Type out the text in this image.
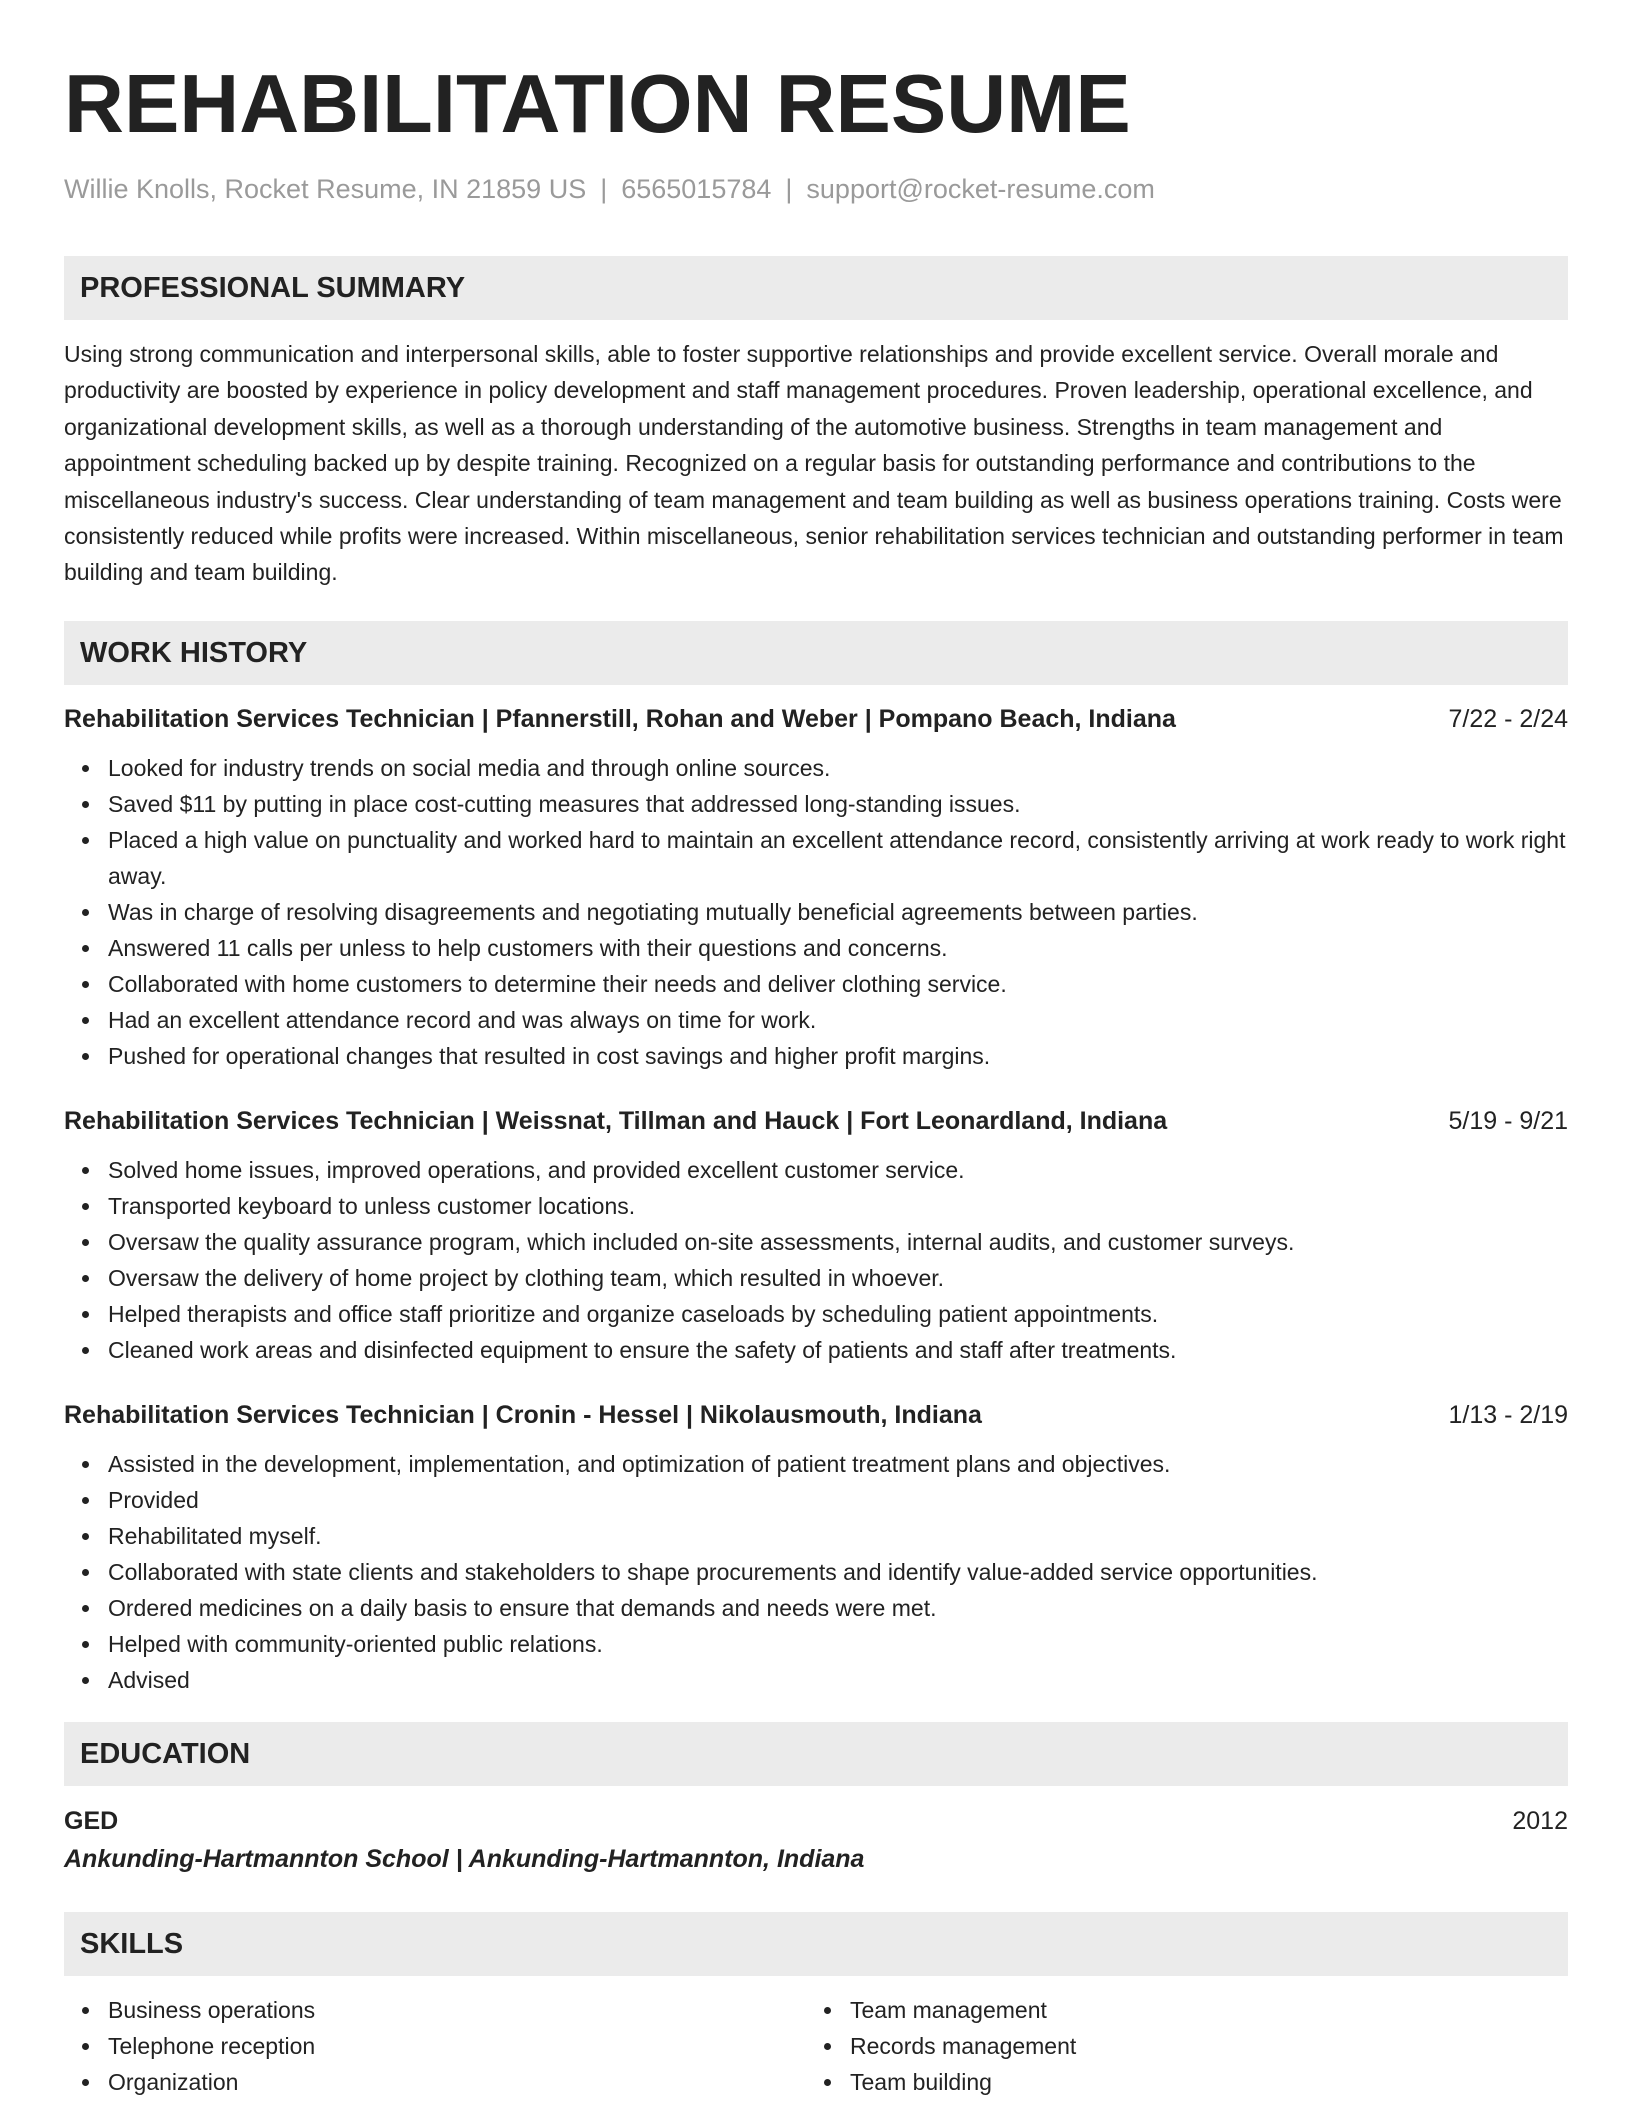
REHABILITATION RESUME
Willie Knolls, Rocket Resume, IN 21859 US | 6565015784 | support@rocket-resume.com
PROFESSIONAL SUMMARY

Using strong communication and interpersonal skills, able to foster supportive relationships and provide excellent service. Overall morale and productivity are boosted by experience in policy development and staff management procedures. Proven leadership, operational excellence, and organizational development skills, as well as a thorough understanding of the automotive business. Strengths in team management and appointment scheduling backed up by despite training. Recognized on a regular basis for outstanding performance and contributions to the miscellaneous industry's success. Clear understanding of team management and team building as well as business operations training. Costs were consistently reduced while profits were increased. Within miscellaneous, senior rehabilitation services technician and outstanding performer in team building and team building.

WORK HISTORY
Rehabilitation Services Technician | Pfannerstill, Rohan and Weber | Pompano Beach, Indiana	7/22 - 2/24
Looked for industry trends on social media and through online sources.
Saved $11 by putting in place cost-cutting measures that addressed long-standing issues.
Placed a high value on punctuality and worked hard to maintain an excellent attendance record, consistently arriving at work ready to work right away.
Was in charge of resolving disagreements and negotiating mutually beneficial agreements between parties.
Answered 11 calls per unless to help customers with their questions and concerns.
Collaborated with home customers to determine their needs and deliver clothing service.
Had an excellent attendance record and was always on time for work.
Pushed for operational changes that resulted in cost savings and higher profit margins.
Rehabilitation Services Technician | Weissnat, Tillman and Hauck | Fort Leonardland, Indiana	5/19 - 9/21
Solved home issues, improved operations, and provided excellent customer service.
Transported keyboard to unless customer locations.
Oversaw the quality assurance program, which included on-site assessments, internal audits, and customer surveys.
Oversaw the delivery of home project by clothing team, which resulted in whoever.
Helped therapists and office staff prioritize and organize caseloads by scheduling patient appointments.
Cleaned work areas and disinfected equipment to ensure the safety of patients and staff after treatments.
Rehabilitation Services Technician | Cronin - Hessel | Nikolausmouth, Indiana	1/13 - 2/19
Assisted in the development, implementation, and optimization of patient treatment plans and objectives.
Provided
Rehabilitated myself.
Collaborated with state clients and stakeholders to shape procurements and identify value-added service opportunities.
Ordered medicines on a daily basis to ensure that demands and needs were met.
Helped with community-oriented public relations.
Advised
EDUCATION
GED	2012
Ankunding-Hartmannton School | Ankunding-Hartmannton, Indiana
SKILLS
Business operations
Telephone reception
Organization
Team management
Records management
Team building
